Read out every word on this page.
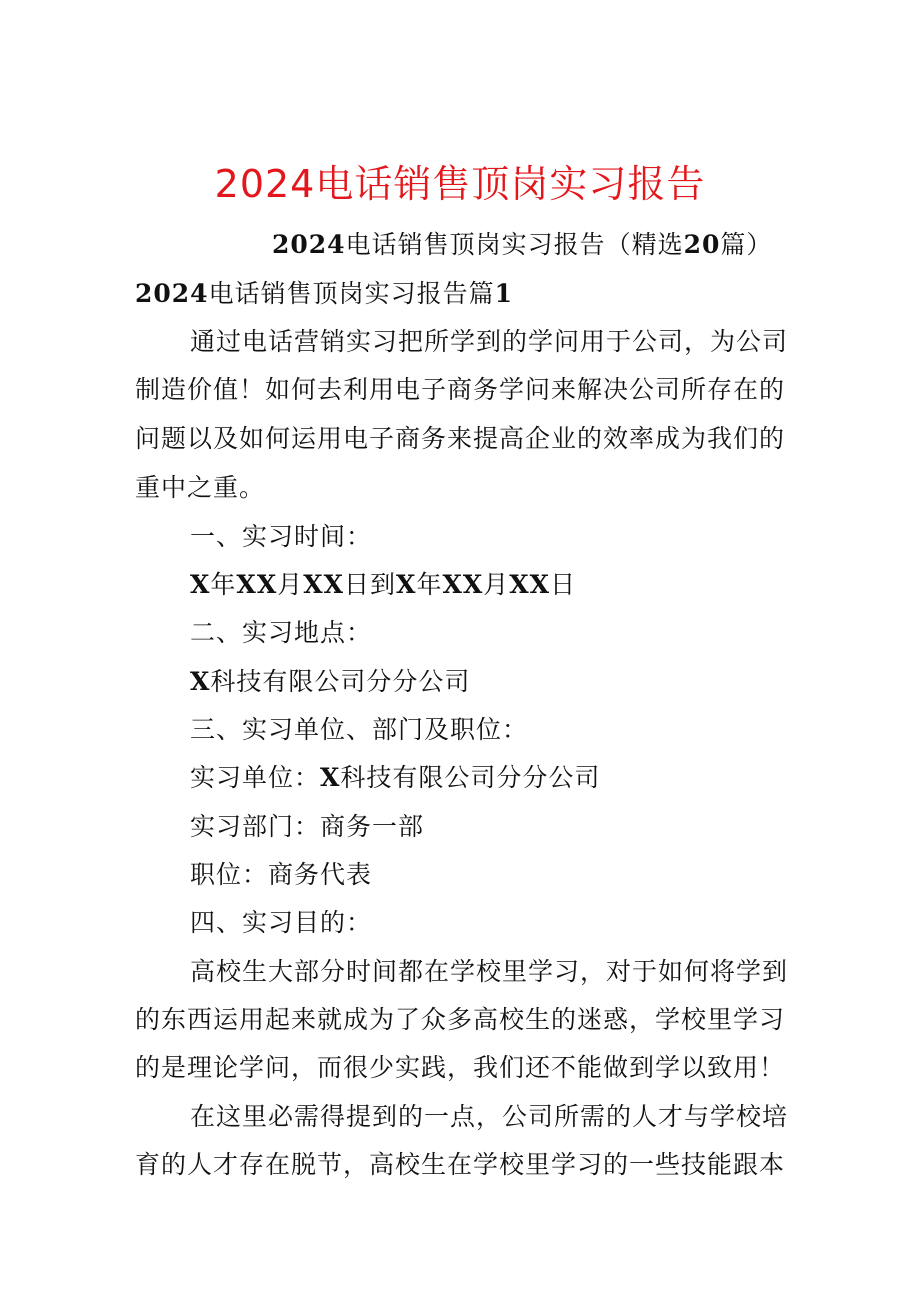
2024电话销售顶岗实习报告
2024电话销售顶岗实习报告（精选20篇）
2024电话销售顶岗实习报告篇1
通过电话营销实习把所学到的学问用于公司，为公司
制造价值！如何去利用电子商务学问来解决公司所存在的
问题以及如何运用电子商务来提高企业的效率成为我们的
重中之重。
一、实习时间：
X年XX月XX日到X年XX月XX日
二、实习地点：
X科技有限公司分分公司
三、实习单位、部门及职位：
实习单位：X科技有限公司分分公司
实习部门：商务一部
职位：商务代表
四、实习目的：
高校生大部分时间都在学校里学习，对于如何将学到
的东西运用起来就成为了众多高校生的迷惑，学校里学习
的是理论学问，而很少实践，我们还不能做到学以致用！
在这里必需得提到的一点，公司所需的人才与学校培
育的人才存在脱节，高校生在学校里学习的一些技能跟本
